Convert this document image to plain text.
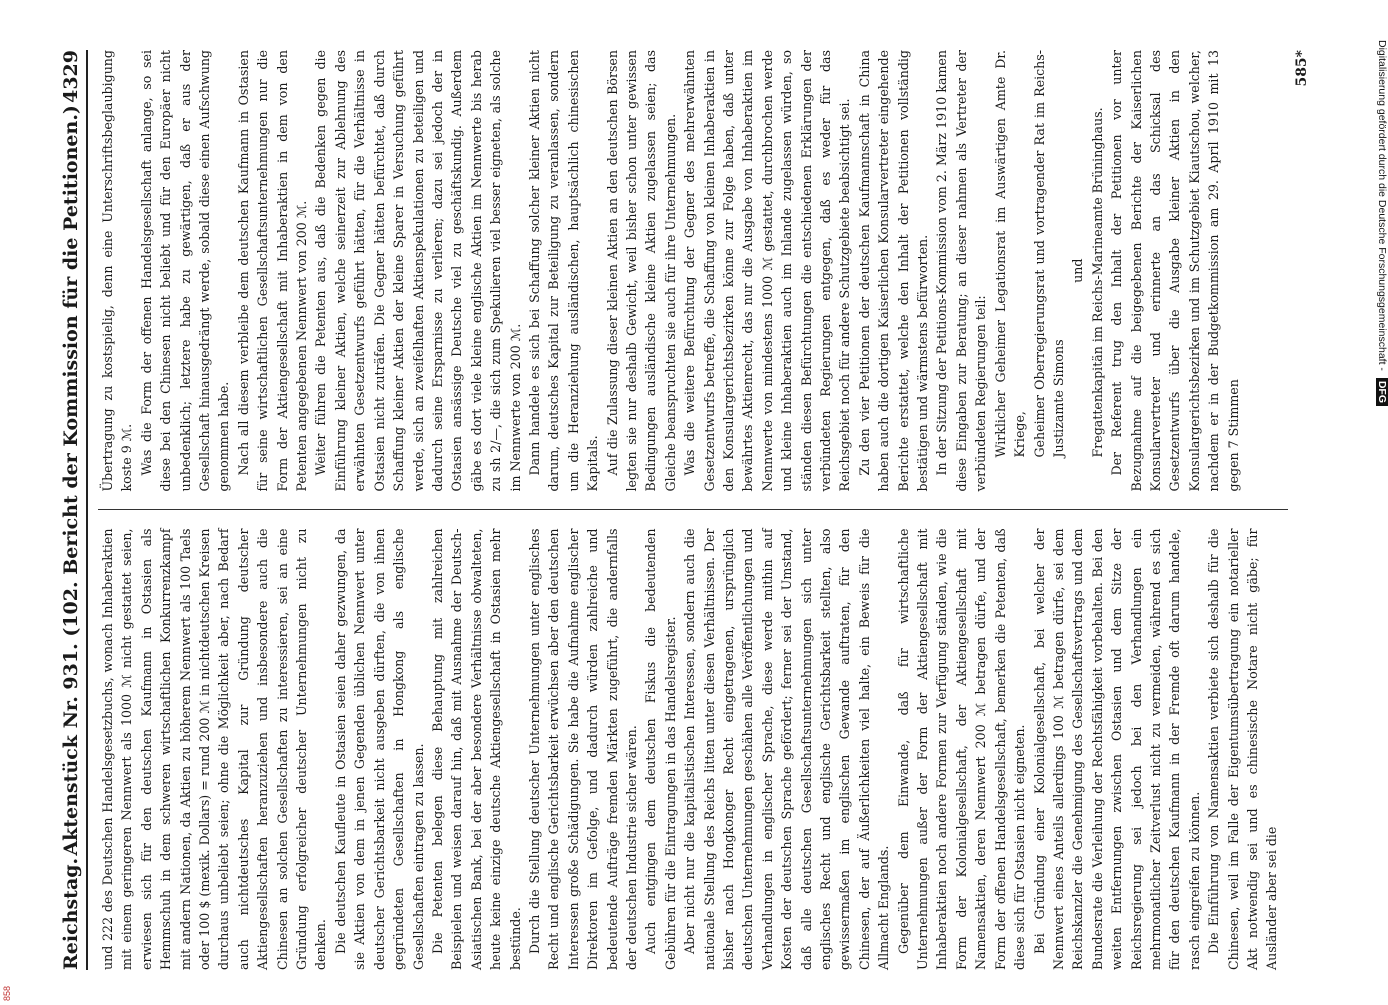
Reichstag.
Aktenstück Nr. 931. (102. Bericht der Kommission für die Petitionen.)
4329

und 222 des Deutschen Handelsgesetzbuchs, wonach Inhaberaktien mit einem geringeren Nennwert als 1000 ℳ nicht gestattet seien, erwiesen sich für den deutschen Kaufmann in Ostasien als Hemmschuh in dem schweren wirtschaftlichen Konkurrenzkampf mit andern Nationen, da Aktien zu höherem Nennwert als 100 Taels oder 100 $ (mexik. Dollars) = rund 200 ℳ in nichtdeutschen Kreisen durchaus unbeliebt seien; ohne die Möglichkeit aber, nach Bedarf auch nichtdeutsches Kapital zur Gründung deutscher Aktiengesellschaften heranzuziehen und insbesondere auch die Chinesen an solchen Gesellschaften zu interessieren, sei an eine Gründung erfolgreicher deutscher Unternehmungen nicht zu denken. Die deutschen Kaufleute in Ostasien seien daher gezwungen, da sie Aktien von dem in jenen Gegenden üblichen Nennwert unter deutscher Gerichtsbarkeit nicht ausgeben dürften, die von ihnen gegründeten Gesellschaften in Hongkong als englische Gesellschaften eintragen zu lassen. Die Petenten belegen diese Behauptung mit zahlreichen Beispielen und weisen darauf hin, daß mit Ausnahme der Deutsch-Asiatischen Bank, bei der aber besondere Verhältnisse obwalteten, heute keine einzige deutsche Aktiengesellschaft in Ostasien mehr bestünde. Durch die Stellung deutscher Unternehmungen unter englisches Recht und englische Gerichtsbarkeit erwüchsen aber den deutschen Interessen große Schädigungen. Sie habe die Aufnahme englischer Direktoren im Gefolge, und dadurch würden zahlreiche und bedeutende Aufträge fremden Märkten zugeführt, die andernfalls der deutschen Industrie sicher wären. Auch entgingen dem deutschen Fiskus die bedeutenden Gebühren für die Eintragungen in das Handelsregister. Aber nicht nur die kapitalistischen Interessen, sondern auch die nationale Stellung des Reichs litten unter diesen Verhältnissen. Der bisher nach Hongkonger Recht eingetragenen, ursprünglich deutschen Unternehmungen geschähen alle Veröffentlichungen und Verhandlungen in englischer Sprache, diese werde mithin auf Kosten der deutschen Sprache gefördert; ferner sei der Umstand, daß alle deutschen Gesellschaftsunternehmungen sich unter englisches Recht und englische Gerichtsbarkeit stellten, also gewissermaßen im englischen Gewande auftraten, für den Chinesen, der auf Äußerlichkeiten viel halte, ein Beweis für die Allmacht Englands. Gegenüber dem Einwande, daß für wirtschaftliche Unternehmungen außer der Form der Aktiengesellschaft mit Inhaberaktien noch andere Formen zur Verfügung ständen, wie die Form der Kolonialgesellschaft, der Aktiengesellschaft mit Namensaktien, deren Nennwert 200 ℳ betragen dürfe, und der Form der offenen Handelsgesellschaft, bemerken die Petenten, daß diese sich für Ostasien nicht eigneten. Bei Gründung einer Kolonialgesellschaft, bei welcher der Nennwert eines Anteils allerdings 100 ℳ betragen dürfe, sei dem Reichskanzler die Genehmigung des Gesellschaftsvertrags und dem Bundesrate die Verleihung der Rechtsfähigkeit vorbehalten. Bei den weiten Entfernungen zwischen Ostasien und dem Sitze der Reichsregierung sei jedoch bei den Verhandlungen ein mehrmonatlicher Zeitverlust nicht zu vermeiden, während es sich für den deutschen Kaufmann in der Fremde oft darum handele, rasch eingreifen zu können. Die Einführung von Namensaktien verbiete sich deshalb für die Chinesen, weil im Falle der Eigentumsübertragung ein notarieller Akt notwendig sei und es chinesische Notare nicht gäbe; für Ausländer aber sei die

Übertragung zu kostspielig, denn eine Unterschriftsbeglaubigung koste 9 ℳ. Was die Form der offenen Handelsgesellschaft anlange, so sei diese bei den Chinesen nicht beliebt und für den Europäer nicht unbedenklich; letztere habe zu gewärtigen, daß er aus der Gesellschaft hinausgedrängt werde, sobald diese einen Aufschwung genommen habe. Nach all diesem verbleibe dem deutschen Kaufmann in Ostasien für seine wirtschaftlichen Gesellschaftsunternehmungen nur die Form der Aktiengesellschaft mit Inhaberaktien in dem von den Petenten angegebenen Nennwert von 200 ℳ. Weiter führen die Petenten aus, daß die Bedenken gegen die Einführung kleiner Aktien, welche seinerzeit zur Ablehnung des erwähnten Gesetzentwurfs geführt hätten, für die Verhältnisse in Ostasien nicht zuträfen. Die Gegner hätten befürchtet, daß durch Schaffung kleiner Aktien der kleine Sparer in Versuchung geführt werde, sich an zweifelhaften Aktienspekulationen zu beteiligen und dadurch seine Ersparnisse zu verlieren; dazu sei jedoch der in Ostasien ansässige Deutsche viel zu geschäftskundig. Außerdem gäbe es dort viele kleine englische Aktien im Nennwerte bis herab zu sh 2/—, die sich zum Spekulieren viel besser eigneten, als solche im Nennwerte von 200 ℳ. Dann handele es sich bei Schaffung solcher kleiner Aktien nicht darum, deutsches Kapital zur Beteiligung zu veranlassen, sondern um die Heranziehung ausländischen, hauptsächlich chinesischen Kapitals. Auf die Zulassung dieser kleinen Aktien an den deutschen Börsen legten sie nur deshalb Gewicht, weil bisher schon unter gewissen Bedingungen ausländische kleine Aktien zugelassen seien; das Gleiche beanspruchten sie auch für ihre Unternehmungen. Was die weitere Befürchtung der Gegner des mehrerwähnten Gesetzentwurfs betreffe, die Schaffung von kleinen Inhaberaktien in den Konsulargerichtsbezirken könne zur Folge haben, daß unter bewährtes Aktienrecht, das nur die Ausgabe von Inhaberaktien im Nennwerte von mindestens 1000 ℳ gestattet, durchbrochen werde und kleine Inhaberaktien auch im Inlande zugelassen würden, so ständen diesen Befürchtungen die entschiedenen Erklärungen der verbündeten Regierungen entgegen, daß es weder für das Reichsgebiet noch für andere Schutzgebiete beabsichtigt sei. Zu den vier Petitionen der deutschen Kaufmannschaft in China haben auch die dortigen Kaiserlichen Konsularvertreter eingehende Berichte erstattet, welche den Inhalt der Petitionen vollständig bestätigen und wärmstens befürworten. In der Sitzung der Petitions-Kommission vom 2. März 1910 kamen diese Eingaben zur Beratung; an dieser nahmen als Vertreter der verbündeten Regierungen teil: Wirklicher Geheimer Legationsrat im Auswärtigen Amte Dr. Kriege, Geheimer Oberregierungsrat und vortragender Rat im Reichs-Justizamte Simons

und Fregattenkapitän im Reichs-Marineamte Brüninghaus. Der Referent trug den Inhalt der Petitionen vor unter Bezugnahme auf die beigegebenen Berichte der Kaiserlichen Konsularvertreter und erinnerte an das Schicksal des Gesetzentwurfs über die Ausgabe kleiner Aktien in den Konsulargerichtsbezirken und im Schutzgebiet Kiautschou, welcher, nachdem er in der Budgetkommission am 29. April 1910 mit 13 gegen 7 Stimmen

585*	Digitalisierung gefördert durch die Deutsche Forschungsgemeinschaft - DFG
858
